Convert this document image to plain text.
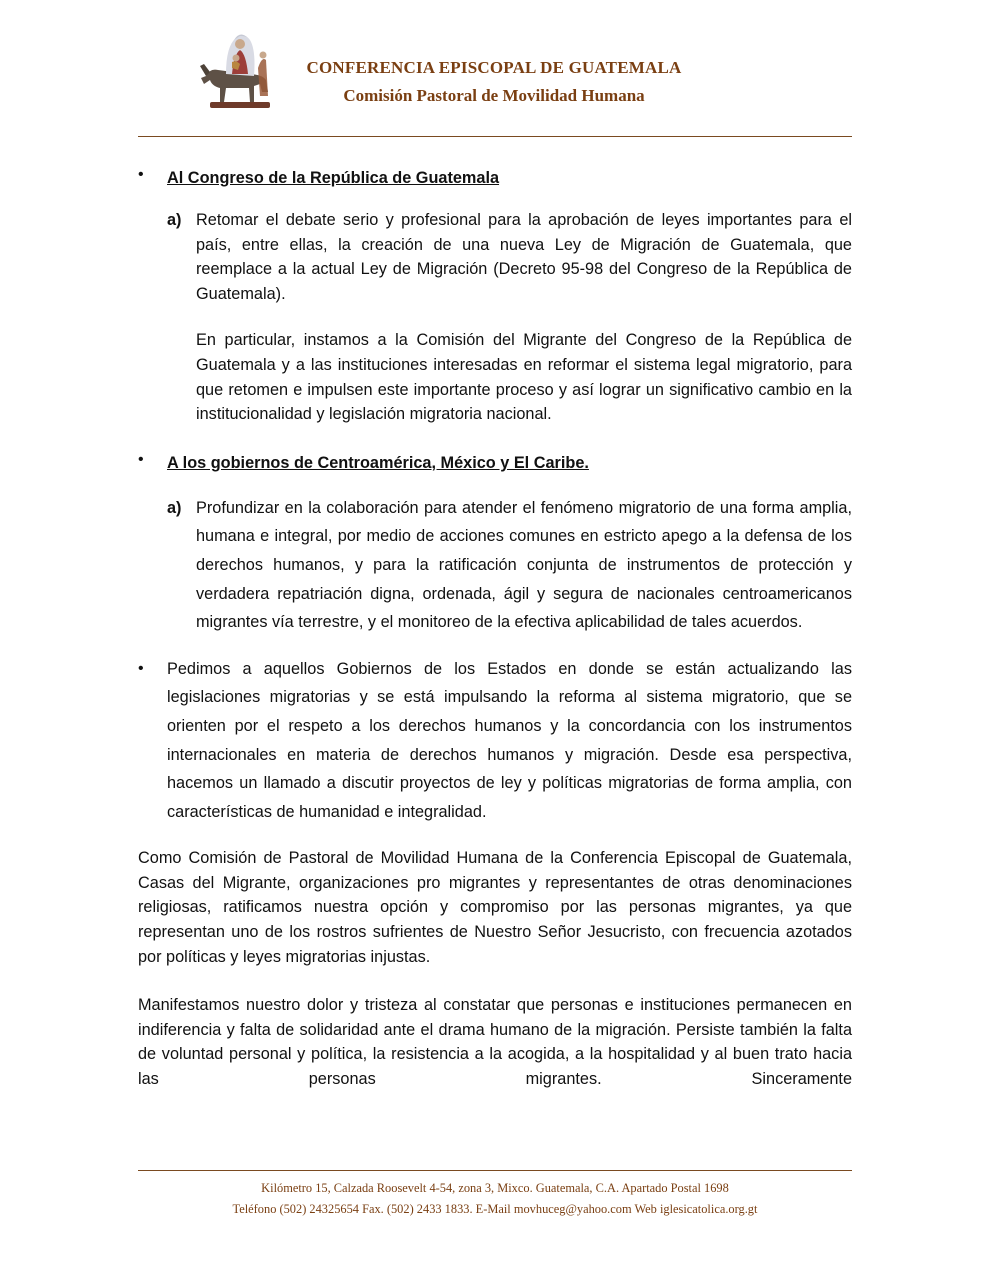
CONFERENCIA EPISCOPAL DE GUATEMALA
Comisión Pastoral de Movilidad Humana
• Al Congreso de la República de Guatemala
a) Retomar el debate serio y profesional para la aprobación de leyes importantes para el país, entre ellas, la creación de una nueva Ley de Migración de Guatemala, que reemplace a la actual Ley de Migración (Decreto 95-98 del Congreso de la República de Guatemala).
En particular, instamos a la Comisión del Migrante del Congreso de la República de Guatemala y a las instituciones interesadas en reformar el sistema legal migratorio, para que retomen e impulsen este importante proceso y así lograr un significativo cambio en la institucionalidad y legislación migratoria nacional.
• A los gobiernos de Centroamérica, México y El Caribe.
a) Profundizar en la colaboración para atender el fenómeno migratorio de una forma amplia, humana e integral, por medio de acciones comunes en estricto apego a la defensa de los derechos humanos, y para la ratificación conjunta de instrumentos de protección y verdadera repatriación digna, ordenada, ágil y segura de nacionales centroamericanos migrantes vía terrestre, y el monitoreo de la efectiva aplicabilidad de tales acuerdos.
• Pedimos a aquellos Gobiernos de los Estados en donde se están actualizando las legislaciones migratorias y se está impulsando la reforma al sistema migratorio, que se orienten por el respeto a los derechos humanos y la concordancia con los instrumentos internacionales en materia de derechos humanos y migración. Desde esa perspectiva, hacemos un llamado a discutir proyectos de ley y políticas migratorias de forma amplia, con características de humanidad e integralidad.
Como Comisión de Pastoral de Movilidad Humana de la Conferencia Episcopal de Guatemala, Casas del Migrante, organizaciones pro migrantes y representantes de otras denominaciones religiosas, ratificamos nuestra opción y compromiso por las personas migrantes, ya que representan uno de los rostros sufrientes de Nuestro Señor Jesucristo, con frecuencia azotados por políticas y leyes migratorias injustas.
Manifestamos nuestro dolor y tristeza al constatar que personas e instituciones permanecen en indiferencia y falta de solidaridad ante el drama humano de la migración. Persiste también la falta de voluntad personal y política, la resistencia a la acogida, a la hospitalidad y al buen trato hacia las personas migrantes. Sinceramente
Kilómetro 15, Calzada Roosevelt 4-54, zona 3, Mixco. Guatemala, C.A. Apartado Postal 1698
Teléfono (502) 24325654 Fax. (502) 2433 1833. E-Mail movhuceg@yahoo.com Web iglesicatolica.org.gt
